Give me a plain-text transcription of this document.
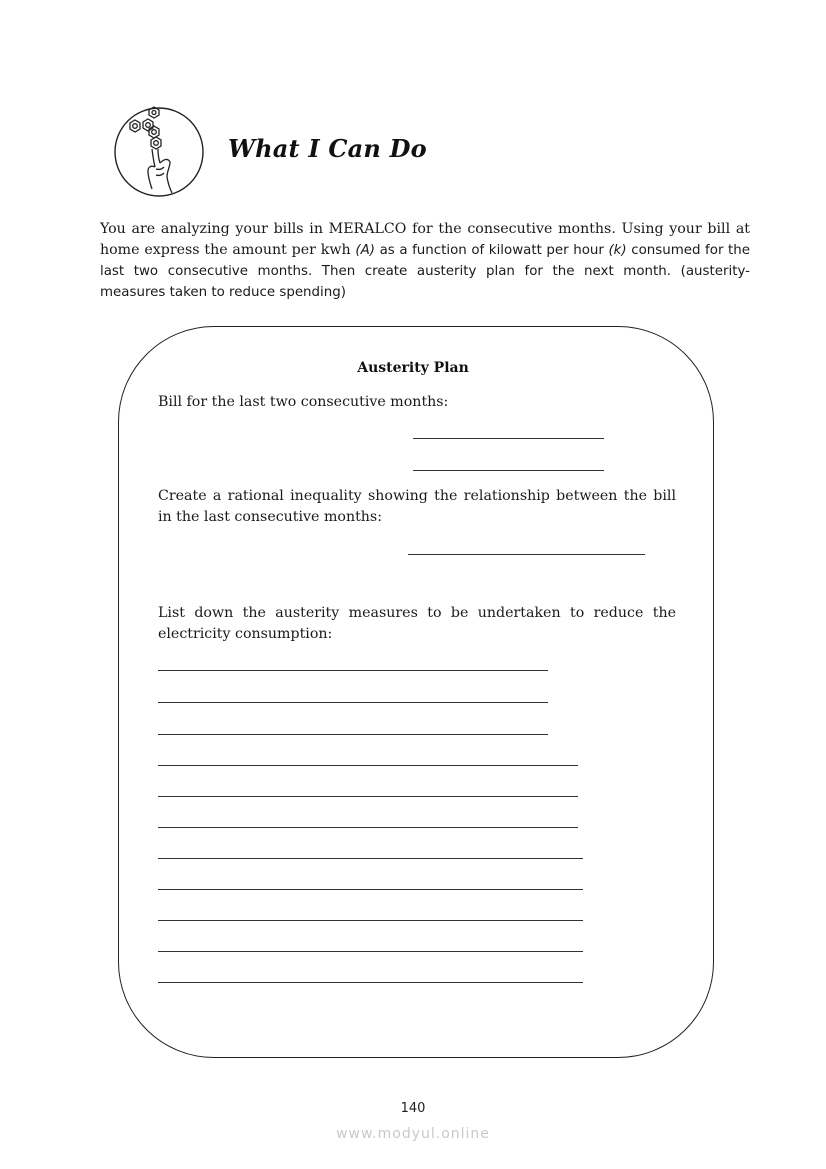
What I Can Do

You are analyzing your bills in MERALCO for the consecutive months. Using your bill at home express the amount per kwh (A) as a function of kilowatt per hour (k) consumed for the last two consecutive months. Then create austerity plan for the next month. (austerity- measures taken to reduce spending)

Austerity Plan

Bill for the last two consecutive months:

Create a rational inequality showing the relationship between the bill in the last consecutive months:

List down the austerity measures to be undertaken to reduce the electricity consumption:

140
www.modyul.online
